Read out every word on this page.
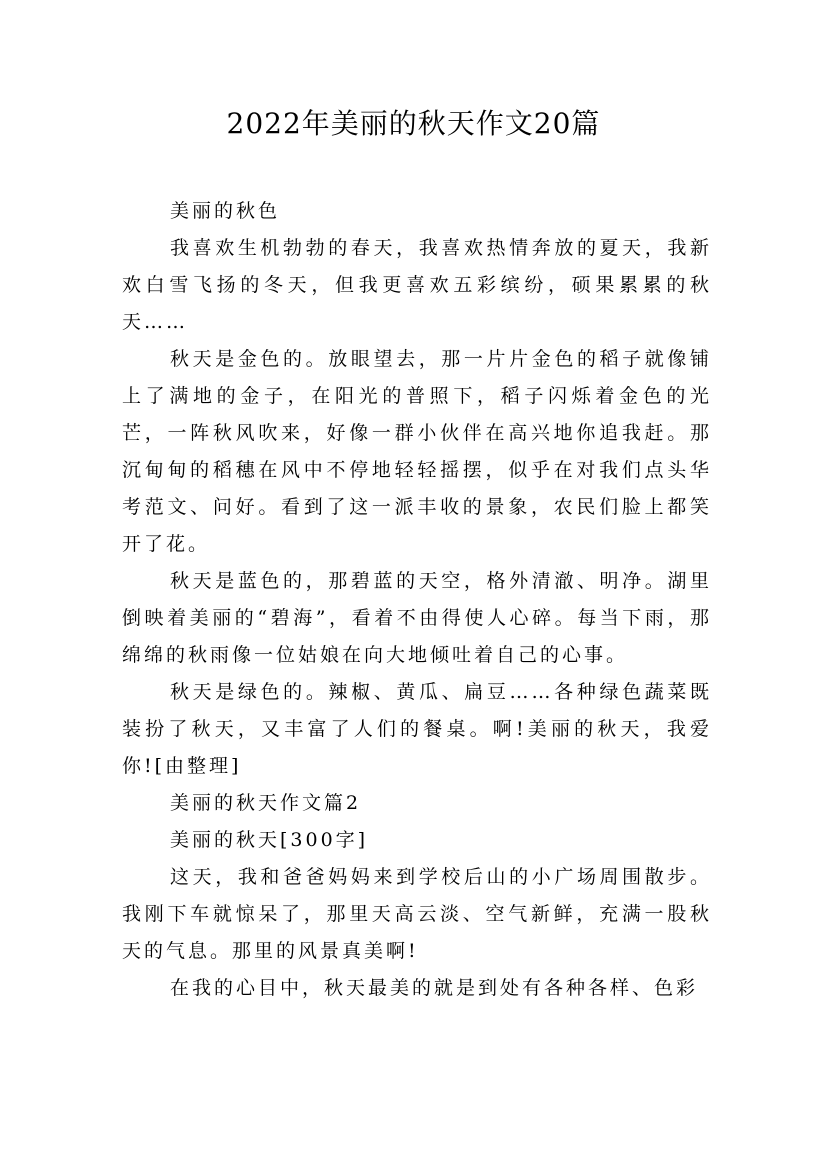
2022年美丽的秋天作文20篇

美丽的秋色

我喜欢生机勃勃的春天，我喜欢热情奔放的夏天，我新欢白雪飞扬的冬天，但我更喜欢五彩缤纷，硕果累累的秋天……

秋天是金色的。放眼望去，那一片片金色的稻子就像铺上了满地的金子，在阳光的普照下，稻子闪烁着金色的光芒，一阵秋风吹来，好像一群小伙伴在高兴地你追我赶。那沉甸甸的稻穗在风中不停地轻轻摇摆，似乎在对我们点头华考范文、问好。看到了这一派丰收的景象，农民们脸上都笑开了花。

秋天是蓝色的，那碧蓝的天空，格外清澈、明净。湖里倒映着美丽的“碧海”，看着不由得使人心碎。每当下雨，那绵绵的秋雨像一位姑娘在向大地倾吐着自己的心事。

秋天是绿色的。辣椒、黄瓜、扁豆……各种绿色蔬菜既装扮了秋天，又丰富了人们的餐桌。啊!美丽的秋天，我爱你![由整理]

美丽的秋天作文篇2

美丽的秋天[300字]

这天，我和爸爸妈妈来到学校后山的小广场周围散步。我刚下车就惊呆了，那里天高云淡、空气新鲜，充满一股秋天的气息。那里的风景真美啊!

在我的心目中，秋天最美的就是到处有各种各样、色彩
